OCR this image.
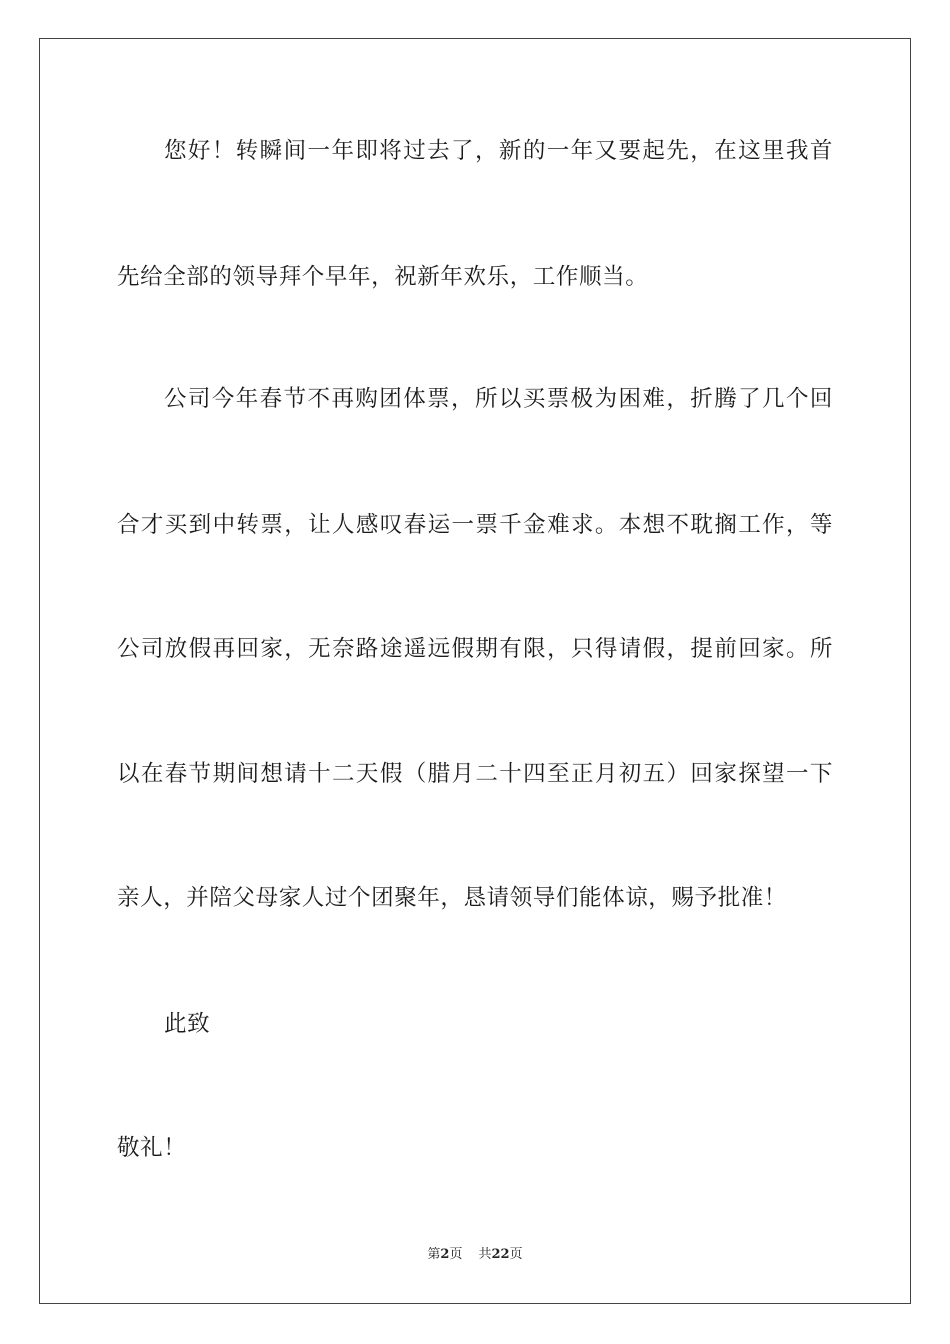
您好！转瞬间一年即将过去了，新的一年又要起先，在这里我首
先给全部的领导拜个早年，祝新年欢乐，工作顺当。
公司今年春节不再购团体票，所以买票极为困难，折腾了几个回
合才买到中转票，让人感叹春运一票千金难求。本想不耽搁工作，等
公司放假再回家，无奈路途遥远假期有限，只得请假，提前回家。所
以在春节期间想请十二天假（腊月二十四至正月初五）回家探望一下
亲人，并陪父母家人过个团聚年，恳请领导们能体谅，赐予批准！
此致
敬礼！
第2页 共22页
